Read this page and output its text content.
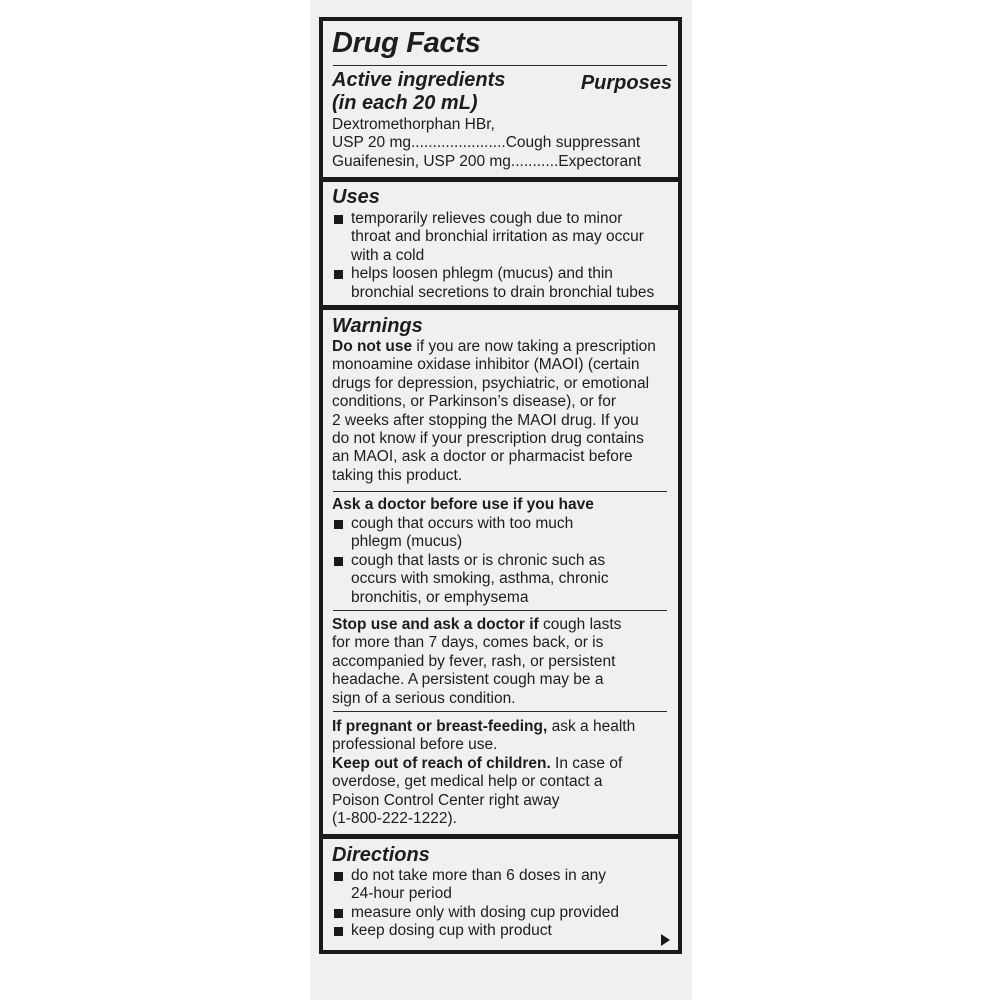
Drug Facts
Active ingredients	Purposes
(in each 20 mL)
Dextromethorphan HBr,
USP 20 mg......................Cough suppressant
Guaifenesin, USP 200 mg...........Expectorant
Uses
temporarily relieves cough due to minor
throat and bronchial irritation as may occur
with a cold
helps loosen phlegm (mucus) and thin
bronchial secretions to drain bronchial tubes
Warnings
Do not use if you are now taking a prescription
monoamine oxidase inhibitor (MAOI) (certain
drugs for depression, psychiatric, or emotional
conditions, or Parkinson’s disease), or for
2 weeks after stopping the MAOI drug. If you
do not know if your prescription drug contains
an MAOI, ask a doctor or pharmacist before
taking this product.
Ask a doctor before use if you have
cough that occurs with too much
phlegm (mucus)
cough that lasts or is chronic such as
occurs with smoking, asthma, chronic
bronchitis, or emphysema
Stop use and ask a doctor if cough lasts
for more than 7 days, comes back, or is
accompanied by fever, rash, or persistent
headache. A persistent cough may be a
sign of a serious condition.
If pregnant or breast-feeding, ask a health
professional before use.
Keep out of reach of children. In case of
overdose, get medical help or contact a
Poison Control Center right away
(1-800-222-1222).
Directions
do not take more than 6 doses in any
24-hour period
measure only with dosing cup provided
keep dosing cup with product
